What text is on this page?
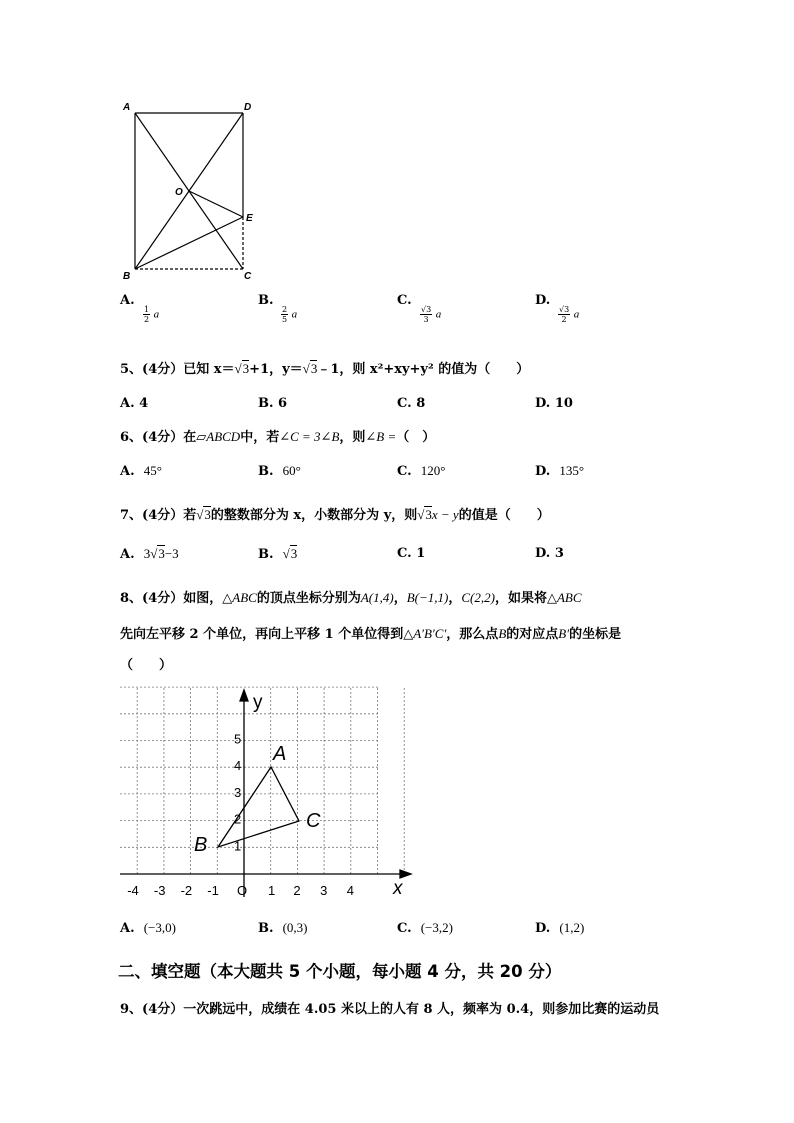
A	D
O
E
B	C
A.
$\frac{1}{2}$ a
B.
$\frac{2}{5}$ a
C.
$\frac{√3}{3}$ a
D.
$\frac{√3}{2}$ a
5、(4分）已知 x＝√3+1，y＝√3﹣1，则 x²+xy+y² 的值为（　　）
A. 4	B. 6	C. 8	D. 10
6、(4分）在▱ABCD中，若∠C = 3∠B，则∠B =（　）
A. 45°	B. 60°	C. 120°	D. 135°
7、(4分）若√3的整数部分为 x，小数部分为 y，则√3x − y的值是（　　）
A. 3√3−3	B. √3	C. 1	D. 3
8、(4分）如图，△ABC的顶点坐标分别为A(1,4)，B(−1,1)，C(2,2)，如果将△ABC
先向左平移 2 个单位，再向上平移 1 个单位得到△A′B′C′，那么点B的对应点B′的坐标是
（　　）
-4 -3 -2 -1	2 3 4
1
2
3
4
5
y
x
O 1
A
B
C
A. (−3,0)	B. (0,3)	C. (−3,2)	D. (1,2)
二、填空题（本大题共 5 个小题，每小题 4 分，共 20 分）
9、(4分）一次跳远中，成绩在 4.05 米以上的人有 8 人，频率为 0.4，则参加比赛的运动员
